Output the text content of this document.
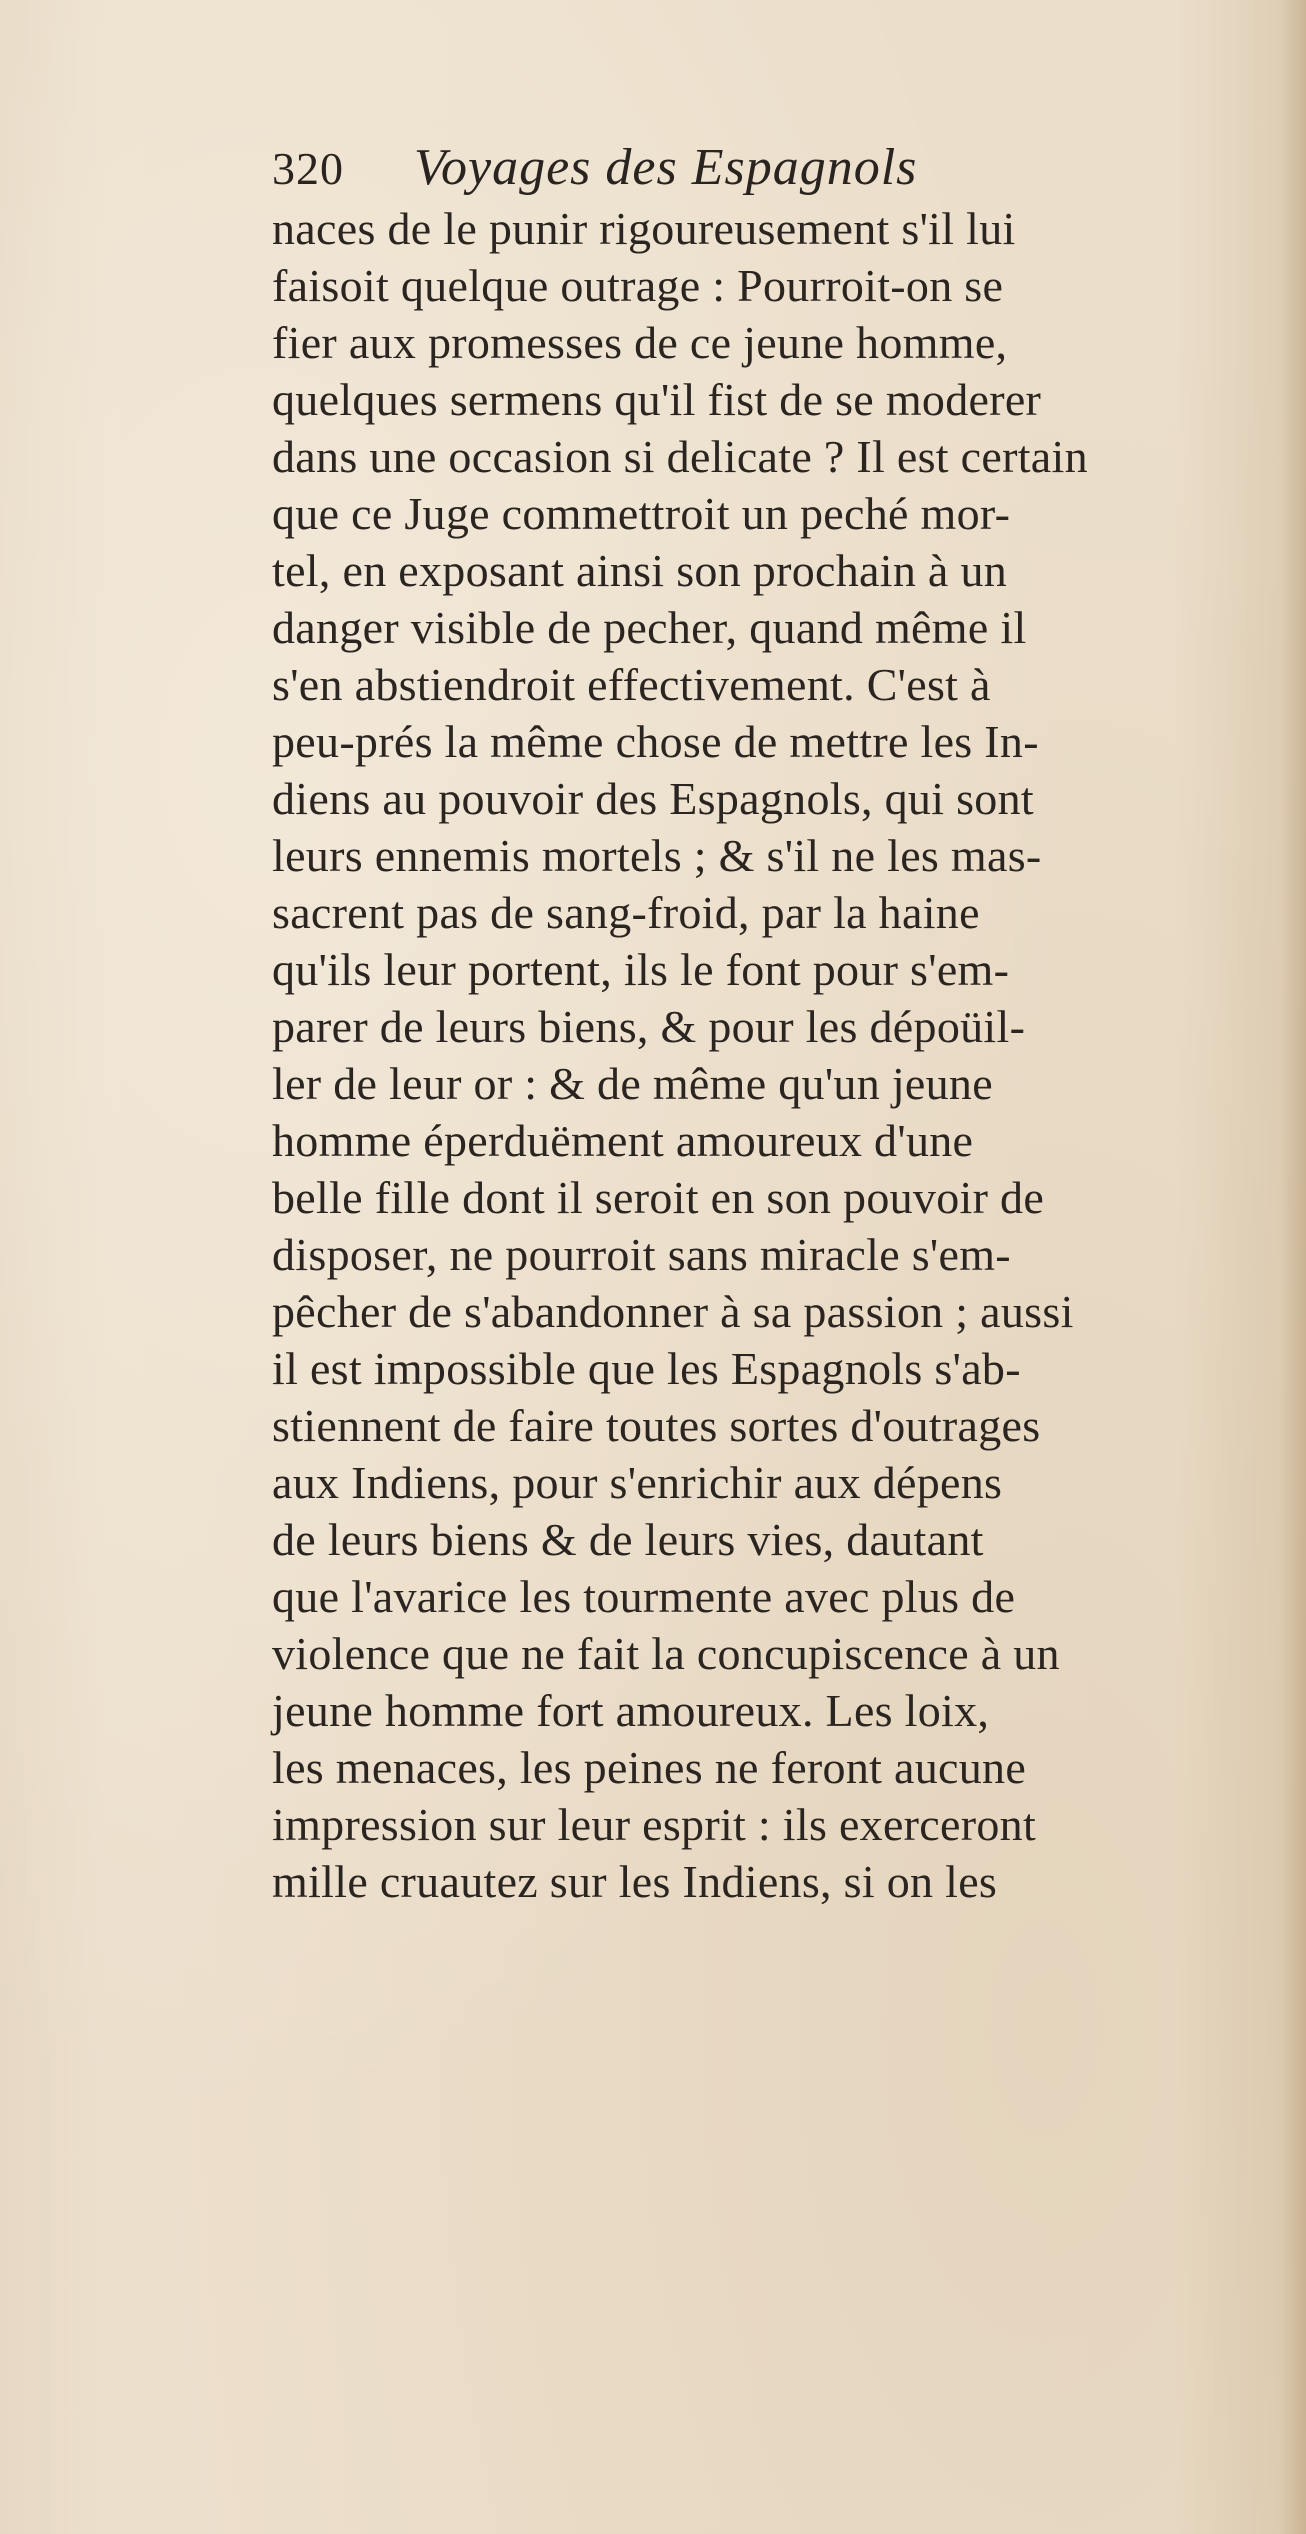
320 Voyages des Espagnols
naces de le punir rigoureusement s'il lui
faisoit quelque outrage : Pourroit-on se
fier aux promesses de ce jeune homme,
quelques sermens qu'il fist de se moderer
dans une occasion si delicate ? Il est certain
que ce Juge commettroit un peché mor-
tel, en exposant ainsi son prochain à un
danger visible de pecher, quand même il
s'en abstiendroit effectivement. C'est à
peu-prés la même chose de mettre les In-
diens au pouvoir des Espagnols, qui sont
leurs ennemis mortels ; & s'il ne les mas-
sacrent pas de sang-froid, par la haine
qu'ils leur portent, ils le font pour s'em-
parer de leurs biens, & pour les dépoüil-
ler de leur or : & de même qu'un jeune
homme éperduëment amoureux d'une
belle fille dont il seroit en son pouvoir de
disposer, ne pourroit sans miracle s'em-
pêcher de s'abandonner à sa passion ; aussi
il est impossible que les Espagnols s'ab-
stiennent de faire toutes sortes d'outrages
aux Indiens, pour s'enrichir aux dépens
de leurs biens & de leurs vies, dautant
que l'avarice les tourmente avec plus de
violence que ne fait la concupiscence à un
jeune homme fort amoureux. Les loix,
les menaces, les peines ne feront aucune
impression sur leur esprit : ils exerceront
mille cruautez sur les Indiens, si on les
